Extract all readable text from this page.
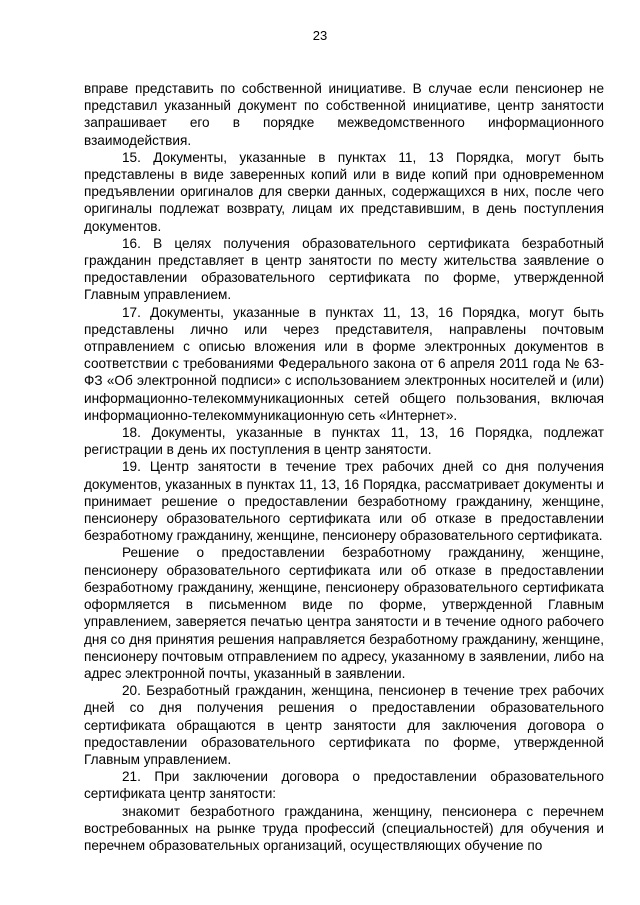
23

вправе представить по собственной инициативе. В случае если пенсионер не представил указанный документ по собственной инициативе, центр занятости запрашивает его в порядке межведомственного информационного взаимодействия.

15. Документы, указанные в пунктах 11, 13 Порядка, могут быть представлены в виде заверенных копий или в виде копий при одновременном предъявлении оригиналов для сверки данных, содержащихся в них, после чего оригиналы подлежат возврату, лицам их представившим, в день поступления документов.

16. В целях получения образовательного сертификата безработный гражданин представляет в центр занятости по месту жительства заявление о предоставлении образовательного сертификата по форме, утвержденной Главным управлением.

17. Документы, указанные в пунктах 11, 13, 16 Порядка, могут быть представлены лично или через представителя, направлены почтовым отправлением с описью вложения или в форме электронных документов в соответствии с требованиями Федерального закона от 6 апреля 2011 года № 63-ФЗ «Об электронной подписи» с использованием электронных носителей и (или) информационно-телекоммуникационных сетей общего пользования, включая информационно-телекоммуникационную сеть «Интернет».

18. Документы, указанные в пунктах 11, 13, 16 Порядка, подлежат регистрации в день их поступления в центр занятости.

19. Центр занятости в течение трех рабочих дней со дня получения документов, указанных в пунктах 11, 13, 16 Порядка, рассматривает документы и принимает решение о предоставлении безработному гражданину, женщине, пенсионеру образовательного сертификата или об отказе в предоставлении безработному гражданину, женщине, пенсионеру образовательного сертификата.

Решение о предоставлении безработному гражданину, женщине, пенсионеру образовательного сертификата или об отказе в предоставлении безработному гражданину, женщине, пенсионеру образовательного сертификата оформляется в письменном виде по форме, утвержденной Главным управлением, заверяется печатью центра занятости и в течение одного рабочего дня со дня принятия решения направляется безработному гражданину, женщине, пенсионеру почтовым отправлением по адресу, указанному в заявлении, либо на адрес электронной почты, указанный в заявлении.

20. Безработный гражданин, женщина, пенсионер в течение трех рабочих дней со дня получения решения о предоставлении образовательного сертификата обращаются в центр занятости для заключения договора о предоставлении образовательного сертификата по форме, утвержденной Главным управлением.

21. При заключении договора о предоставлении образовательного сертификата центр занятости:

знакомит безработного гражданина, женщину, пенсионера с перечнем востребованных на рынке труда профессий (специальностей) для обучения и перечнем образовательных организаций, осуществляющих обучение по
